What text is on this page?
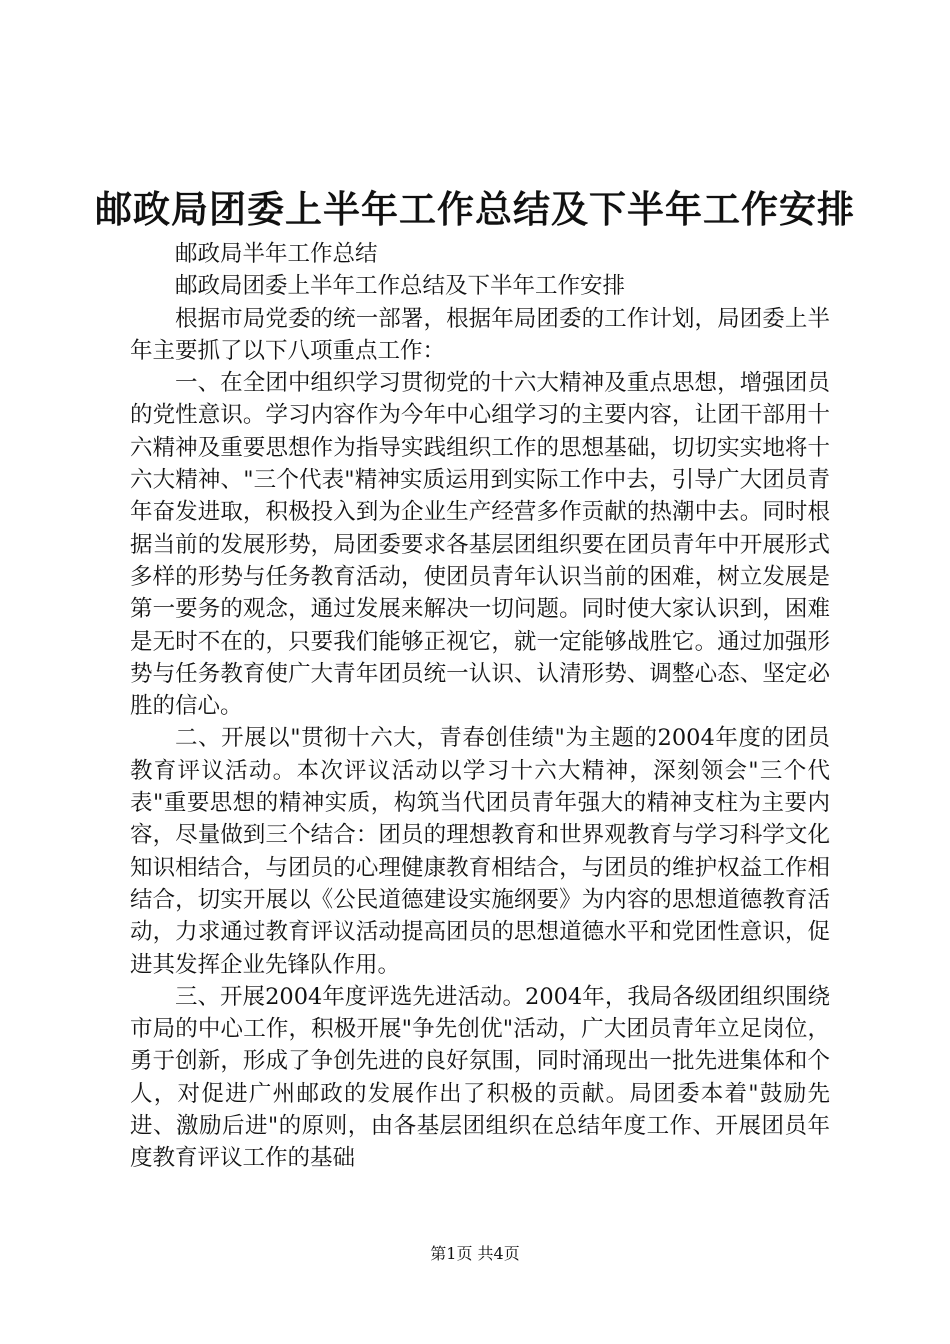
邮政局团委上半年工作总结及下半年工作安排

邮政局半年工作总结

邮政局团委上半年工作总结及下半年工作安排

根据市局党委的统一部署，根据年局团委的工作计划，局团委上半年主要抓了以下八项重点工作：

一、在全团中组织学习贯彻党的十六大精神及重点思想，增强团员的党性意识。学习内容作为今年中心组学习的主要内容，让团干部用十六精神及重要思想作为指导实践组织工作的思想基础，切切实实地将十六大精神、"三个代表"精神实质运用到实际工作中去，引导广大团员青年奋发进取，积极投入到为企业生产经营多作贡献的热潮中去。同时根据当前的发展形势，局团委要求各基层团组织要在团员青年中开展形式多样的形势与任务教育活动，使团员青年认识当前的困难，树立发展是第一要务的观念，通过发展来解决一切问题。同时使大家认识到，困难是无时不在的，只要我们能够正视它，就一定能够战胜它。通过加强形势与任务教育使广大青年团员统一认识、认清形势、调整心态、坚定必胜的信心。

二、开展以"贯彻十六大，青春创佳绩"为主题的2004年度的团员教育评议活动。本次评议活动以学习十六大精神，深刻领会"三个代表"重要思想的精神实质，构筑当代团员青年强大的精神支柱为主要内容，尽量做到三个结合：团员的理想教育和世界观教育与学习科学文化知识相结合，与团员的心理健康教育相结合，与团员的维护权益工作相结合，切实开展以《公民道德建设实施纲要》为内容的思想道德教育活动，力求通过教育评议活动提高团员的思想道德水平和党团性意识，促进其发挥企业先锋队作用。

三、开展2004年度评选先进活动。2004年，我局各级团组织围绕市局的中心工作，积极开展"争先创优"活动，广大团员青年立足岗位，勇于创新，形成了争创先进的良好氛围，同时涌现出一批先进集体和个人，对促进广州邮政的发展作出了积极的贡献。局团委本着"鼓励先进、激励后进"的原则，由各基层团组织在总结年度工作、开展团员年度教育评议工作的基础

第1页 共4页
